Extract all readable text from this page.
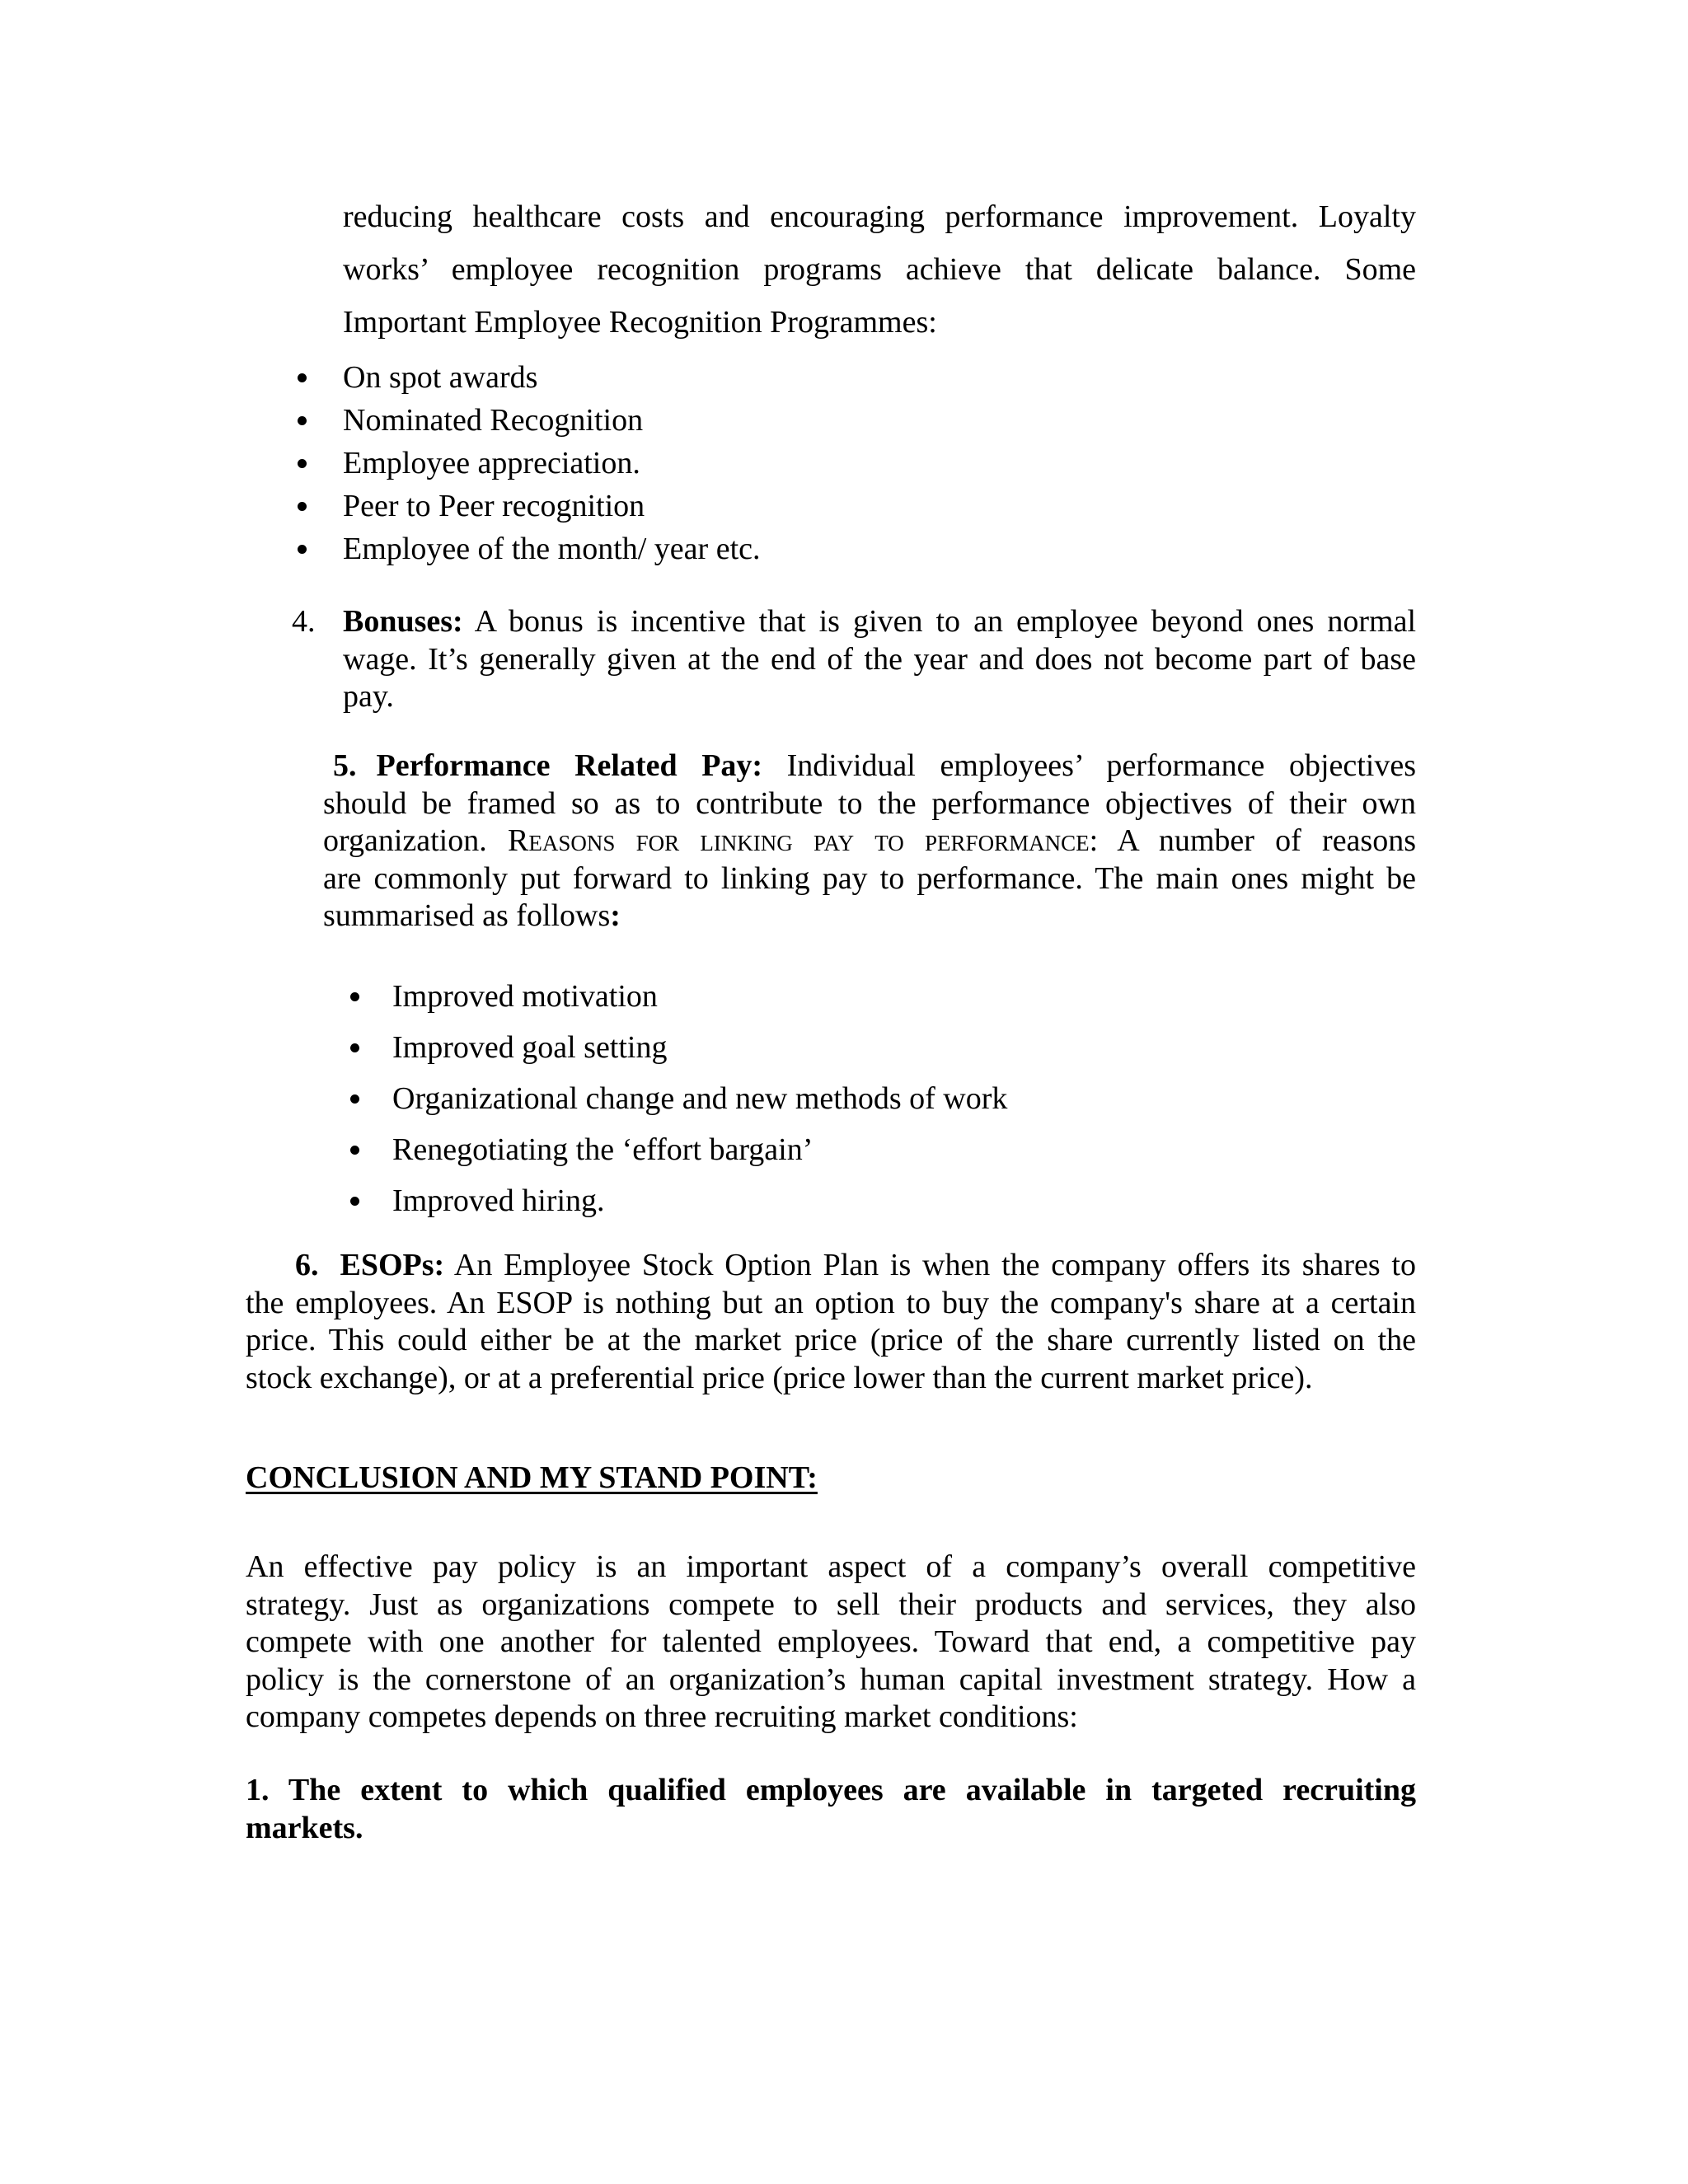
reducing healthcare costs and encouraging performance improvement. Loyalty
works’ employee recognition programs achieve that delicate balance. Some
Important Employee Recognition Programmes:
On spot awards
Nominated Recognition
Employee appreciation.
Peer to Peer recognition
Employee of the month/ year etc.
4. Bonuses: A bonus is incentive that is given to an employee beyond ones normal
wage. It’s generally given at the end of the year and does not become part of base
pay.
5. Performance Related Pay: Individual employees’ performance objectives
should be framed so as to contribute to the performance objectives of their own
organization. Reasons for linking pay to performance: A number of reasons
are commonly put forward to linking pay to performance. The main ones might be
summarised as follows:
Improved motivation
Improved goal setting
Organizational change and new methods of work
Renegotiating the ‘effort bargain’
Improved hiring.
6. ESOPs: An Employee Stock Option Plan is when the company offers its shares to
the employees. An ESOP is nothing but an option to buy the company's share at a certain
price. This could either be at the market price (price of the share currently listed on the
stock exchange), or at a preferential price (price lower than the current market price).
CONCLUSION AND MY STAND POINT:
An effective pay policy is an important aspect of a company’s overall competitive
strategy. Just as organizations compete to sell their products and services, they also
compete with one another for talented employees. Toward that end, a competitive pay
policy is the cornerstone of an organization’s human capital investment strategy. How a
company competes depends on three recruiting market conditions:
1. The extent to which qualified employees are available in targeted recruiting
markets.
